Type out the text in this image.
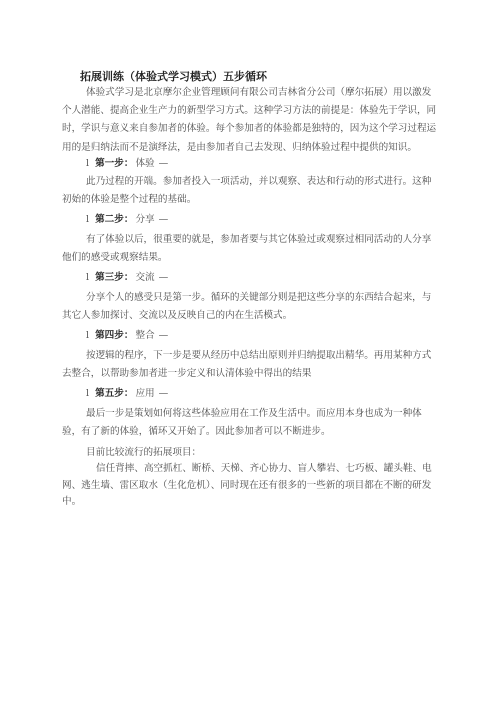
拓展训练（体验式学习模式）五步循环
体验式学习是北京摩尔企业管理顾问有限公司吉林省分公司（摩尔拓展）用以激发个人潜能、提高企业生产力的新型学习方式。这种学习方法的前提是：体验先于学识，同时，学识与意义来自参加者的体验。每个参加者的体验都是独特的，因为这个学习过程运用的是归纳法而不是演绎法，是由参加者自己去发现、归纳体验过程中提供的知识。
l 第一步： 体验 —
此乃过程的开端。参加者投入一项活动，并以观察、表达和行动的形式进行。这种初始的体验是整个过程的基础。
l 第二步： 分享 —
有了体验以后，很重要的就是，参加者要与其它体验过或观察过相同活动的人分享他们的感受或观察结果。
l 第三步： 交流 —
分享个人的感受只是第一步。循环的关键部分则是把这些分享的东西结合起来，与其它人参加探讨、交流以及反映自己的内在生活模式。
l 第四步： 整合 —
按逻辑的程序，下一步是要从经历中总结出原则并归纳提取出精华。再用某种方式去整合，以帮助参加者进一步定义和认清体验中得出的结果
l 第五步： 应用 —
最后一步是策划如何将这些体验应用在工作及生活中。而应用本身也成为一种体验，有了新的体验，循环又开始了。因此参加者可以不断进步。
目前比较流行的拓展项目：
信任背摔、高空抓杠、断桥、天梯、齐心协力、盲人攀岩、七巧板、罐头鞋、电网、逃生墙、雷区取水（生化危机）、同时现在还有很多的一些新的项目都在不断的研发中。
